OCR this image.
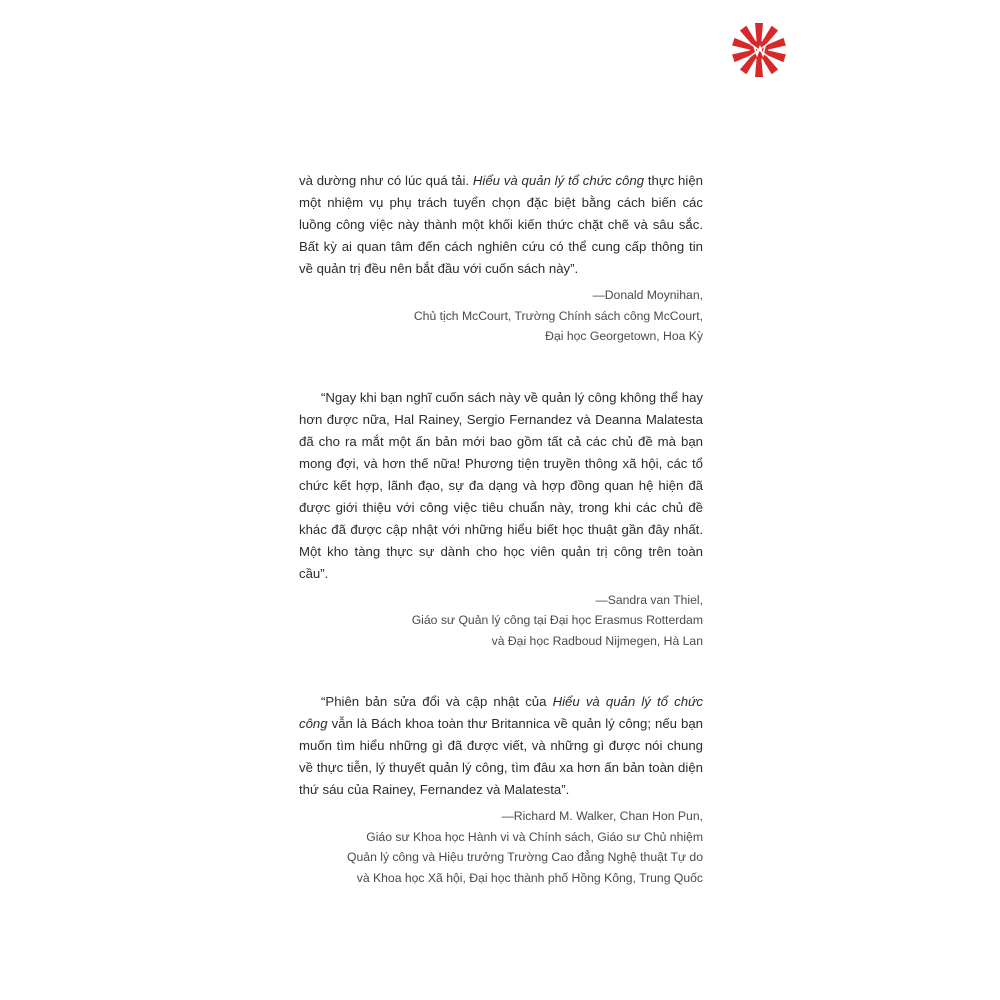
và dường như có lúc quá tải. Hiểu và quản lý tổ chức công thực hiện một nhiệm vụ phụ trách tuyển chọn đặc biệt bằng cách biến các luồng công việc này thành một khối kiến thức chặt chẽ và sâu sắc. Bất kỳ ai quan tâm đến cách nghiên cứu có thể cung cấp thông tin về quản trị đều nên bắt đầu với cuốn sách này”.

—Donald Moynihan,
Chủ tịch McCourt, Trường Chính sách công McCourt,
Đại học Georgetown, Hoa Kỳ

“Ngay khi bạn nghĩ cuốn sách này về quản lý công không thể hay hơn được nữa, Hal Rainey, Sergio Fernandez và Deanna Malatesta đã cho ra mắt một ấn bản mới bao gồm tất cả các chủ đề mà bạn mong đợi, và hơn thế nữa! Phương tiện truyền thông xã hội, các tổ chức kết hợp, lãnh đạo, sự đa dạng và hợp đồng quan hệ hiện đã được giới thiệu với công việc tiêu chuẩn này, trong khi các chủ đề khác đã được cập nhật với những hiểu biết học thuật gần đây nhất. Một kho tàng thực sự dành cho học viên quản trị công trên toàn cầu”.

—Sandra van Thiel,
Giáo sư Quản lý công tại Đại học Erasmus Rotterdam
và Đại học Radboud Nijmegen, Hà Lan

“Phiên bản sửa đổi và cập nhật của Hiểu và quản lý tổ chức công vẫn là Bách khoa toàn thư Britannica về quản lý công; nếu bạn muốn tìm hiểu những gì đã được viết, và những gì được nói chung về thực tiễn, lý thuyết quản lý công, tìm đâu xa hơn ấn bản toàn diện thứ sáu của Rainey, Fernandez và Malatesta”.

—Richard M. Walker, Chan Hon Pun,
Giáo sư Khoa học Hành vi và Chính sách, Giáo sư Chủ nhiệm
Quản lý công và Hiệu trưởng Trường Cao đẳng Nghệ thuật Tự do
và Khoa học Xã hội, Đại học thành phố Hồng Kông, Trung Quốc
